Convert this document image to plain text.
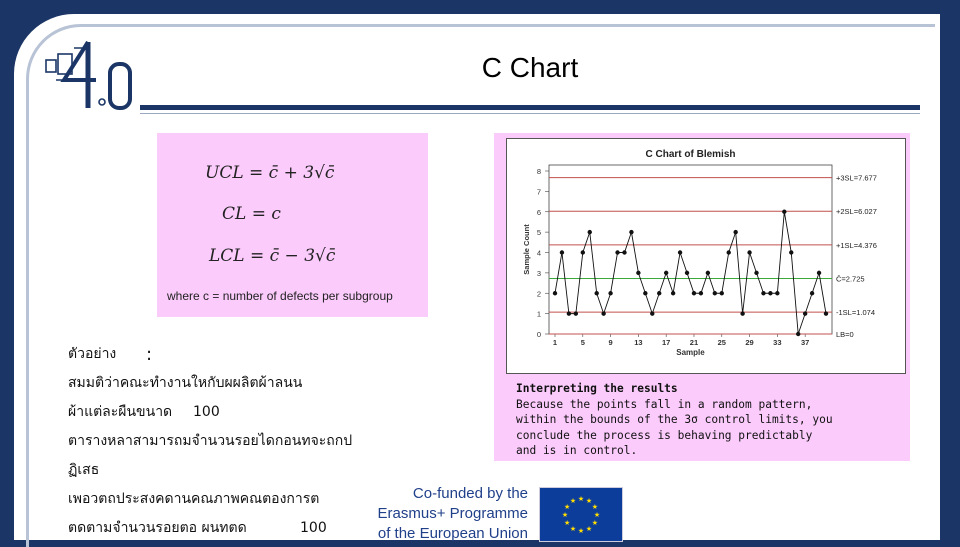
C Chart
UCL = c̄ + 3√c̄
CL = c
LCL = c̄ − 3√c̄
where c = number of defects per subgroup
ตัวอย่าง :
สมมติว่าคณะทำงานใหกับผผลิตผ้าลนน
ผ้าแต่ละผืนขนาด 100
ตารางหลาสามารถมจำนวนรอยไดกอนทจะถกป
ฏิเสธ
เพอวตถประสงคดานคณภาพคณตองการต
ตดตามจำนวนรอยตอ ผนทตด	100
C Chart of Blemish
0
1
2
3
4
5
6
7
8
1	5	9	13	17	21	25	29	33	37
Sample
Sample Count
+3SL=7.677
+2SL=6.027
+1SL=4.376
C̄=2.725
-1SL=1.074
LB=0
Interpreting the results
Because the points fall in a random pattern,
within the bounds of the 3σ control limits, you
conclude the process is behaving predictably
and is in control.
Co-funded by the
Erasmus+ Programme
of the European Union
★
★
★
★
★
★
★
★
★ ★ ★
★
